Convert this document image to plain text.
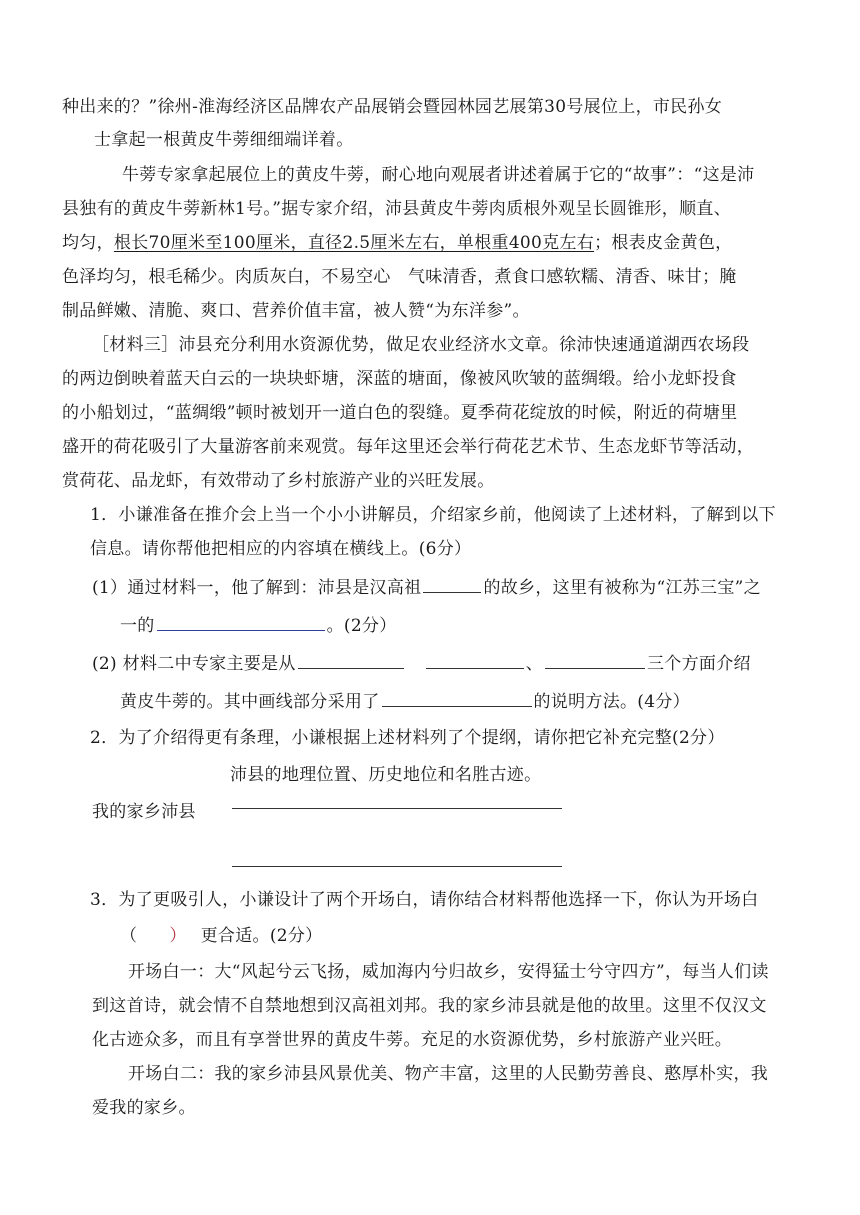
种出来的？”徐州-淮海经济区品牌农产品展销会暨园林园艺展第30号展位上，市民孙女
士拿起一根黄皮牛蒡细细端详着。
牛蒡专家拿起展位上的黄皮牛蒡，耐心地向观展者讲述着属于它的“故事”：“这是沛
县独有的黄皮牛蒡新林1号。”据专家介绍，沛县黄皮牛蒡肉质根外观呈长圆锥形，顺直、
均匀，根长70厘米至100厘米，直径2.5厘米左右，单根重400克左右；根表皮金黄色，
色泽均匀，根毛稀少。肉质灰白，不易空心　气味清香，煮食口感软糯、清香、味甘；腌
制品鲜嫩、清脆、爽口、营养价值丰富，被人赞“为东洋参”。
［材料三］沛县充分利用水资源优势，做足农业经济水文章。徐沛快速通道湖西农场段
的两边倒映着蓝天白云的一块块虾塘，深蓝的塘面，像被风吹皱的蓝绸缎。给小龙虾投食
的小船划过，“蓝绸缎”顿时被划开一道白色的裂缝。夏季荷花绽放的时候，附近的荷塘里
盛开的荷花吸引了大量游客前来观赏。每年这里还会举行荷花艺术节、生态龙虾节等活动，
赏荷花、品龙虾，有效带动了乡村旅游产业的兴旺发展。
1．小谦准备在推介会上当一个小小讲解员，介绍家乡前，他阅读了上述材料，了解到以下
信息。请你帮他把相应的内容填在横线上。(6分）
(1）通过材料一，他了解到：沛县是汉高祖	的故乡，这里有被称为“江苏三宝”之
一的	。(2分）
(2) 材料二中专家主要是从	、	三个方面介绍
黄皮牛蒡的。其中画线部分采用了	的说明方法。(4分）
2．为了介绍得更有条理，小谦根据上述材料列了个提纲，请你把它补充完整(2分）
沛县的地理位置、历史地位和名胜古迹。
我的家乡沛县
3．为了更吸引人，小谦设计了两个开场白，请你结合材料帮他选择一下，你认为开场白
（ ） 更合适。(2分）
开场白一：大“风起兮云飞扬，威加海内兮归故乡，安得猛士兮守四方”，每当人们读
到这首诗，就会情不自禁地想到汉高祖刘邦。我的家乡沛县就是他的故里。这里不仅汉文
化古迹众多，而且有享誉世界的黄皮牛蒡。充足的水资源优势，乡村旅游产业兴旺。
开场白二：我的家乡沛县风景优美、物产丰富，这里的人民勤劳善良、憨厚朴实，我
爱我的家乡。
